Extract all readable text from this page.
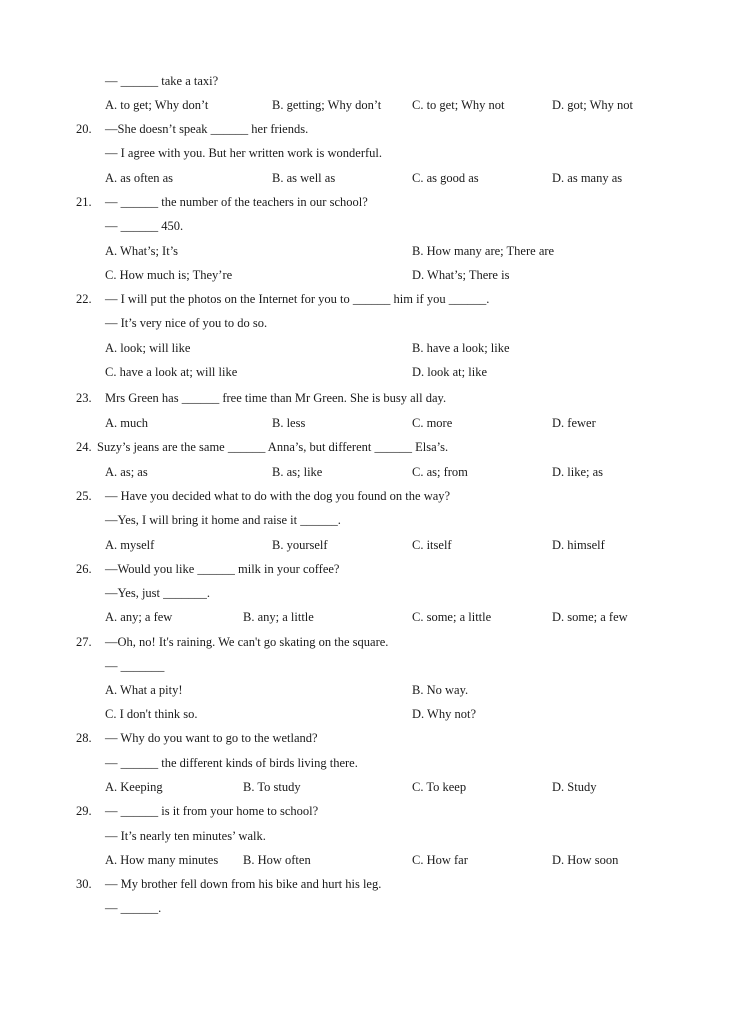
— ______ take a taxi?
A. to get; Why don’t	B. getting; Why don’t C. to get; Why not	D. got; Why not
20. —She doesn’t speak ______ her friends.
— I agree with you. But her written work is wonderful.
A. as often as	B. as well as	C. as good as	D. as many as
21. — ______ the number of the teachers in our school?
— ______ 450.
A. What’s; It’s	B. How many are; There are
C. How much is; They’re	D. What’s; There is
22. — I will put the photos on the Internet for you to ______ him if you ______.
— It’s very nice of you to do so.
A. look; will like	B. have a look; like
C. have a look at; will like	D. look at; like
23. Mrs Green has ______ free time than Mr Green. She is busy all day.
A. much	B. less	C. more	D. fewer
24. Suzy’s jeans are the same ______ Anna’s, but different ______ Elsa’s.
A. as; as	B. as; like	C. as; from	D. like; as
25. — Have you decided what to do with the dog you found on the way?
—Yes, I will bring it home and raise it ______.
A. myself	B. yourself	C. itself	D. himself
26. —Would you like ______ milk in your coffee?
—Yes, just _______.
A. any; a few	B. any; a little	C. some; a little	D. some; a few
27. —Oh, no! It's raining. We can't go skating on the square.
— _______
A. What a pity!	B. No way.
C. I don't think so.	D. Why not?
28. — Why do you want to go to the wetland?
— ______ the different kinds of birds living there.
A. Keeping	B. To study	C. To keep	D. Study
29. — ______ is it from your home to school?
— It’s nearly ten minutes’ walk.
A. How many minutes B. How often	C. How far	D. How soon
30. — My brother fell down from his bike and hurt his leg.
— ______.
